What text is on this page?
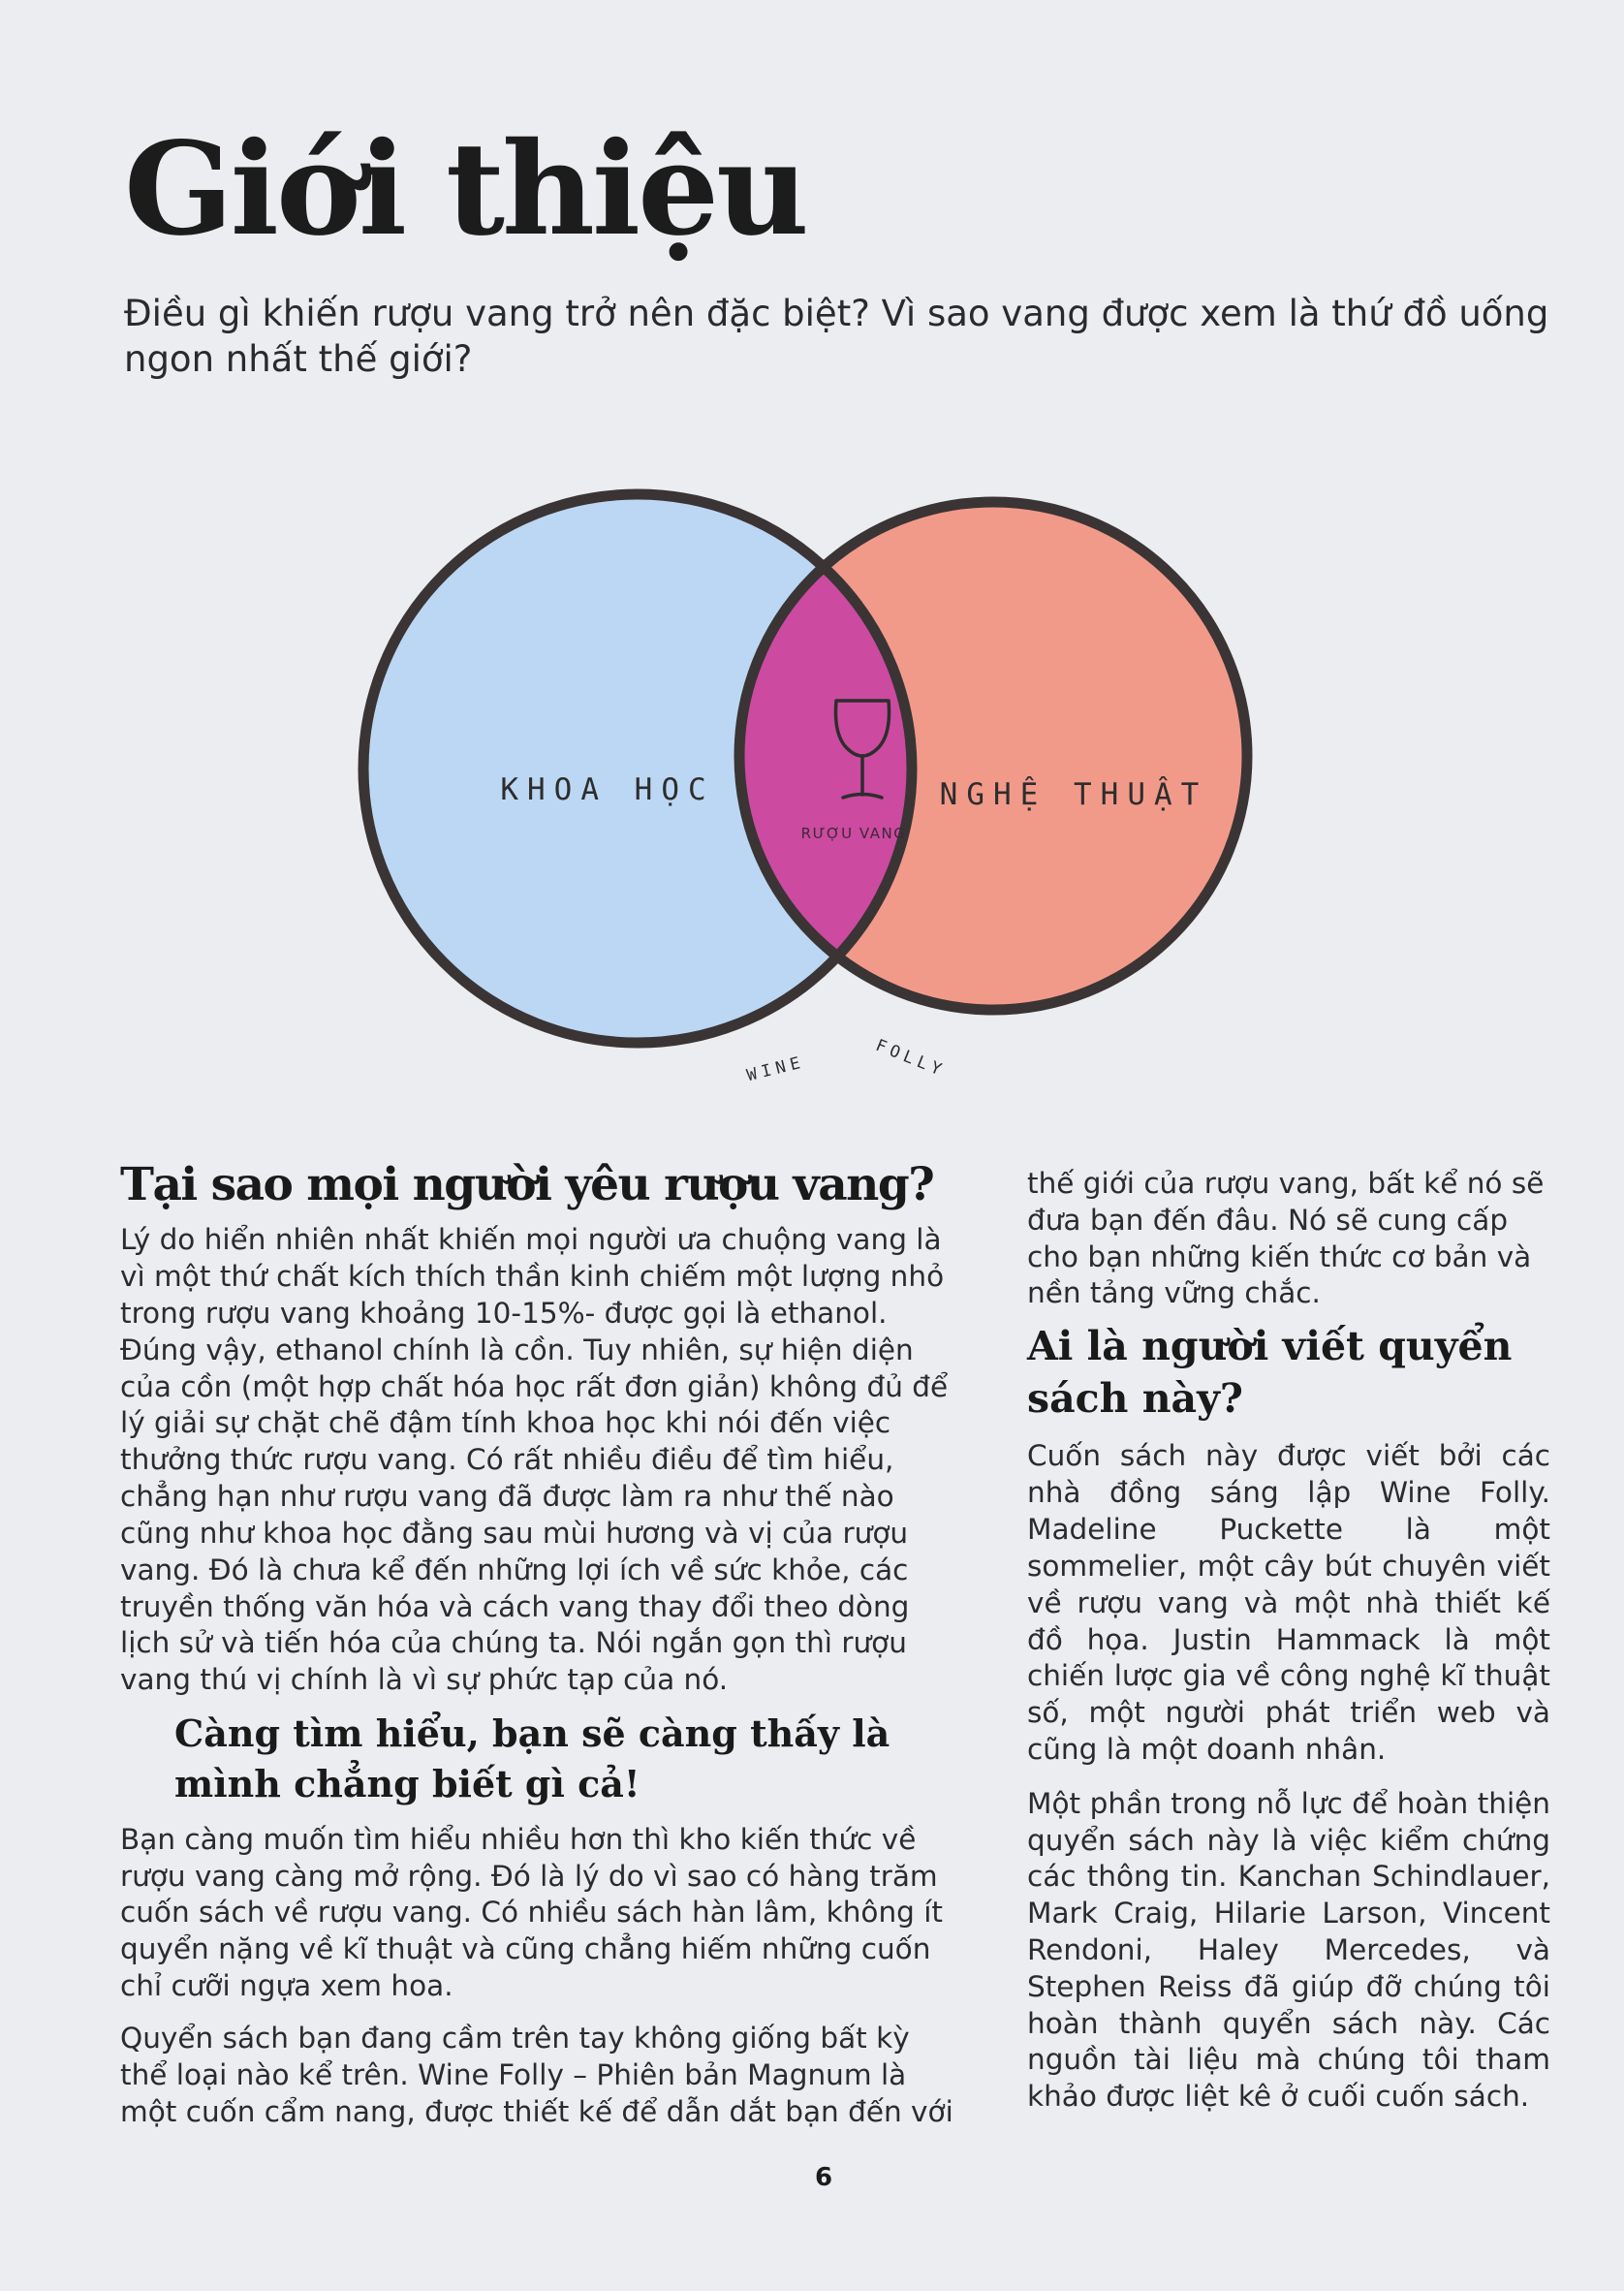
Giới thiệu

Điều gì khiến rượu vang trở nên đặc biệt? Vì sao vang được xem là thứ đồ uống ngon nhất thế giới?

KHOA HỌC	NGHỆ THUẬT
RƯỢU VANG
WINE	FOLLY
Tại sao mọi người yêu rượu vang?

Lý do hiển nhiên nhất khiến mọi người ưa chuộng vang là vì một thứ chất kích thích thần kinh chiếm một lượng nhỏ trong rượu vang khoảng 10-15%- được gọi là ethanol. Đúng vậy, ethanol chính là cồn. Tuy nhiên, sự hiện diện của cồn (một hợp chất hóa học rất đơn giản) không đủ để lý giải sự chặt chẽ đậm tính khoa học khi nói đến việc thưởng thức rượu vang. Có rất nhiều điều để tìm hiểu, chẳng hạn như rượu vang đã được làm ra như thế nào cũng như khoa học đằng sau mùi hương và vị của rượu vang. Đó là chưa kể đến những lợi ích về sức khỏe, các truyền thống văn hóa và cách vang thay đổi theo dòng lịch sử và tiến hóa của chúng ta. Nói ngắn gọn thì rượu vang thú vị chính là vì sự phức tạp của nó.

Càng tìm hiểu, bạn sẽ càng thấy là mình chẳng biết gì cả!

Bạn càng muốn tìm hiểu nhiều hơn thì kho kiến thức về rượu vang càng mở rộng. Đó là lý do vì sao có hàng trăm cuốn sách về rượu vang. Có nhiều sách hàn lâm, không ít quyển nặng về kĩ thuật và cũng chẳng hiếm những cuốn chỉ cưỡi ngựa xem hoa.

Quyển sách bạn đang cầm trên tay không giống bất kỳ thể loại nào kể trên. Wine Folly – Phiên bản Magnum là một cuốn cẩm nang, được thiết kế để dẫn dắt bạn đến với

thế giới của rượu vang, bất kể nó sẽ đưa bạn đến đâu. Nó sẽ cung cấp cho bạn những kiến thức cơ bản và nền tảng vững chắc.

Ai là người viết quyển sách này?

Cuốn sách này được viết bởi các nhà đồng sáng lập Wine Folly. Madeline Puckette là một sommelier, một cây bút chuyên viết về rượu vang và một nhà thiết kế đồ họa. Justin Hammack là một chiến lược gia về công nghệ kĩ thuật số, một người phát triển web và cũng là một doanh nhân.

Một phần trong nỗ lực để hoàn thiện quyển sách này là việc kiểm chứng các thông tin. Kanchan Schindlauer, Mark Craig, Hilarie Larson, Vincent Rendoni, Haley Mercedes, và Stephen Reiss đã giúp đỡ chúng tôi hoàn thành quyển sách này. Các nguồn tài liệu mà chúng tôi tham khảo được liệt kê ở cuối cuốn sách.

6
